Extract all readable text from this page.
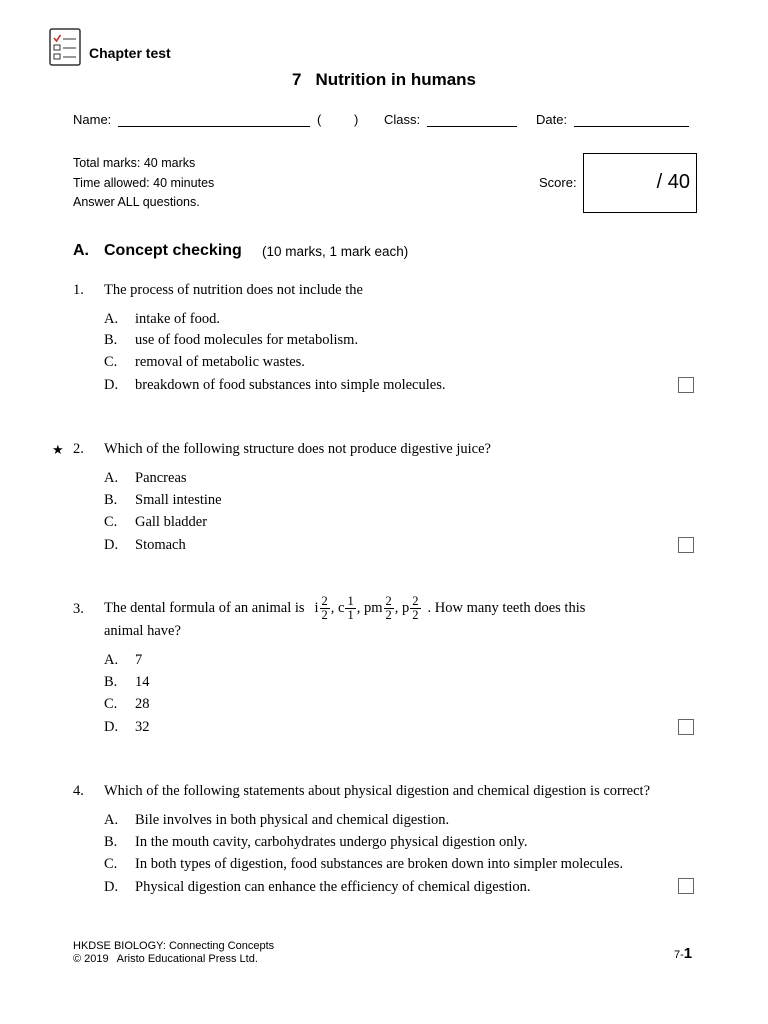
Chapter test
7 Nutrition in humans
Name:	(	) Class:	Date:
Total marks: 40 marks
Time allowed: 40 minutes
Answer ALL questions.
Score:	/ 40
A. Concept checking (10 marks, 1 mark each)
1. The process of nutrition does not include the
A. intake of food.
B. use of food molecules for metabolism.
C. removal of metabolic wastes.
D. breakdown of food substances into simple molecules.
★ 2. Which of the following structure does not produce digestive juice?
A. Pancreas
B. Small intestine
C. Gall bladder
D. Stomach
3. The dental formula of an animal is i $\frac{2}{2}$ , c $\frac{1}{1}$ , pm $\frac{2}{2}$ , p $\frac{2}{2}$ . How many teeth does this
animal have?
A. 7
B. 14
C. 28
D. 32
4. Which of the following statements about physical digestion and chemical digestion is correct?
A. Bile involves in both physical and chemical digestion.
B. In the mouth cavity, carbohydrates undergo physical digestion only.
C. In both types of digestion, food substances are broken down into simpler molecules.
D. Physical digestion can enhance the efficiency of chemical digestion.
HKDSE BIOLOGY: Connecting Concepts
© 2019 Aristo Educational Press Ltd.	7-1
